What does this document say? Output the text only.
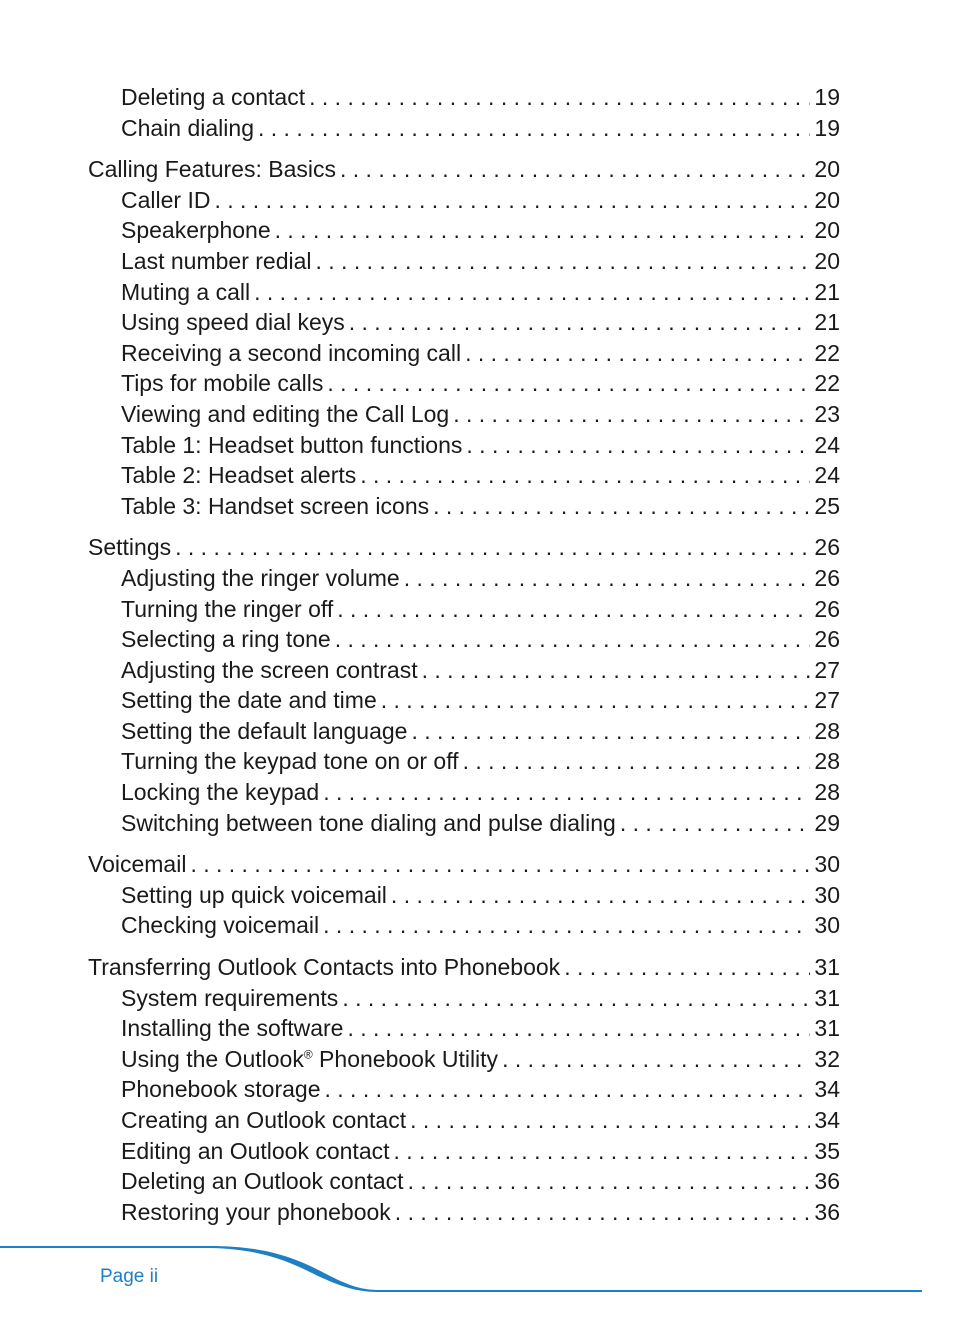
Deleting a contact . . .	19
Chain dialing . . .	19
Calling Features: Basics . . .	20
Caller ID . . .	20
Speakerphone . . .	20
Last number redial . . .	20
Muting a call . . .	21
Using speed dial keys . . .	21
Receiving a second incoming call . . .	22
Tips for mobile calls . . .	22
Viewing and editing the Call Log . . .	23
Table 1: Headset button functions . . .	24
Table 2: Headset alerts . . .	24
Table 3: Handset screen icons . . .	25
Settings . . .	26
Adjusting the ringer volume . . .	26
Turning the ringer off . . .	26
Selecting a ring tone . . .	26
Adjusting the screen contrast . . .	27
Setting the date and time . . .	27
Setting the default language . . .	28
Turning the keypad tone on or off . . .	28
Locking the keypad . . .	28
Switching between tone dialing and pulse dialing . . .	29
Voicemail . . .	30
Setting up quick voicemail . . .	30
Checking voicemail . . .	30
Transferring Outlook Contacts into Phonebook . . .	31
System requirements . . .	31
Installing the software . . .	31
Using the Outlook® Phonebook Utility . . .	32
Phonebook storage . . .	34
Creating an Outlook contact . . .	34
Editing an Outlook contact . . .	35
Deleting an Outlook contact . . .	36
Restoring your phonebook . . .	36
Page ii
